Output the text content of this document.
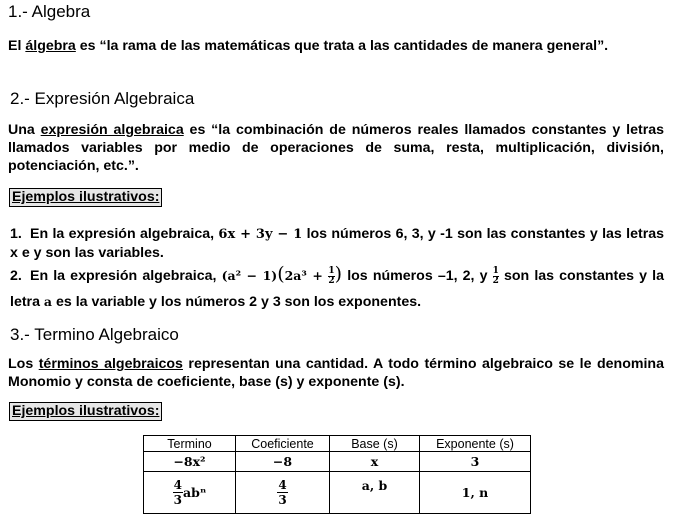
1.- Algebra
El álgebra es “la rama de las matemáticas que trata a las cantidades de manera general”.
2.- Expresión Algebraica
Una expresión algebraica es “la combinación de números reales llamados constantes y letras llamados variables por medio de operaciones de suma, resta, multiplicación, división, potenciación, etc.”.
Ejemplos ilustrativos:
1. En la expresión algebraica, 6x + 3y − 1 los números 6, 3, y -1 son las constantes y las letras x e y son las variables.
2. En la expresión algebraica, $(a^2 - 1)(2a^3 + \frac{1}{2})$ los números –1, 2, y $\frac{1}{2}$ son las constantes y la letra a es la variable y los números 2 y 3 son los exponentes.
3.- Termino Algebraico
Los términos algebraicos representan una cantidad. A todo término algebraico se le denomina Monomio y consta de coeficiente, base (s) y exponente (s).
Ejemplos ilustrativos:
Termino	Coeficiente	Base (s)	Exponente (s)
−8x²	−8	x	3

$\frac{4}{3}$ abⁿ	$\frac{4}{3}$	a, b	1, n
